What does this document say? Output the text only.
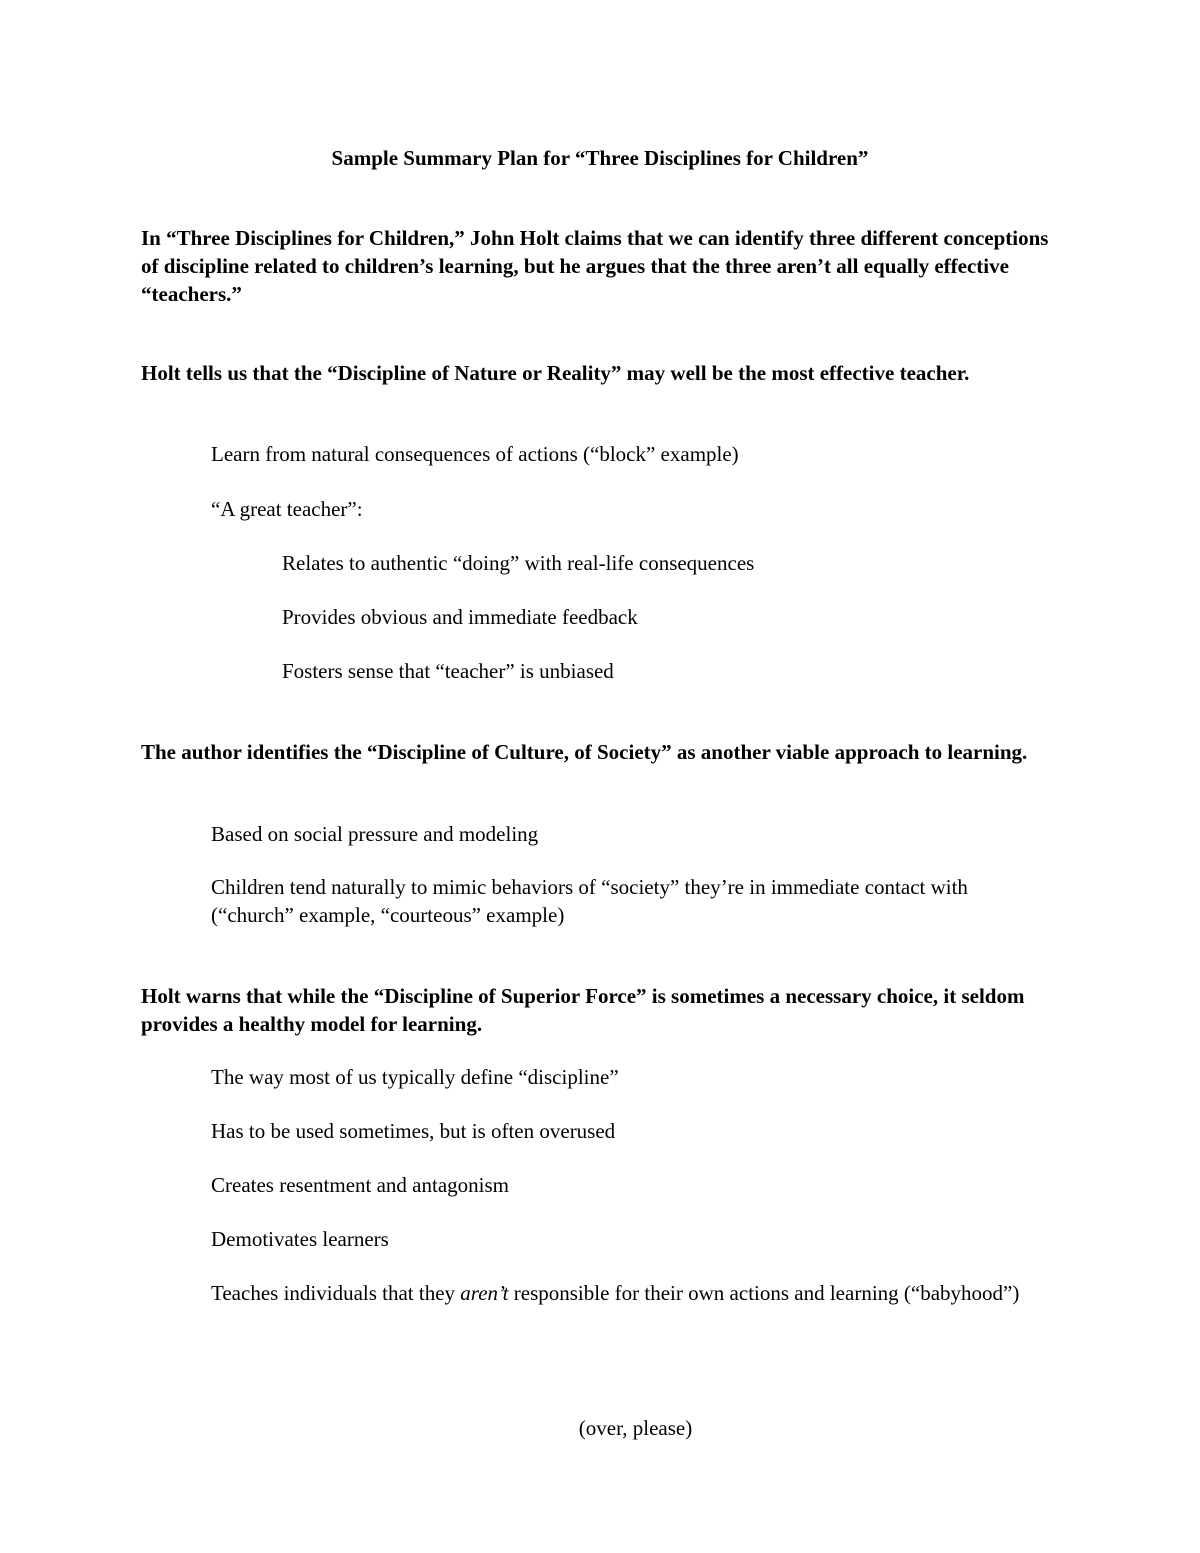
Sample Summary Plan for “Three Disciplines for Children”

In “Three Disciplines for Children,” John Holt claims that we can identify three different conceptions of discipline related to children’s learning, but he argues that the three aren’t all equally effective “teachers.”

Holt tells us that the “Discipline of Nature or Reality” may well be the most effective teacher.

Learn from natural consequences of actions (“block” example)

“A great teacher”:

Relates to authentic “doing” with real-life consequences

Provides obvious and immediate feedback

Fosters sense that “teacher” is unbiased

The author identifies the “Discipline of Culture, of Society” as another viable approach to learning.

Based on social pressure and modeling

Children tend naturally to mimic behaviors of “society” they’re in immediate contact with (“church” example, “courteous” example)

Holt warns that while the “Discipline of Superior Force” is sometimes a necessary choice, it seldom provides a healthy model for learning.

The way most of us typically define “discipline”

Has to be used sometimes, but is often overused

Creates resentment and antagonism

Demotivates learners

Teaches individuals that they aren’t responsible for their own actions and learning (“babyhood”)

(over, please)
